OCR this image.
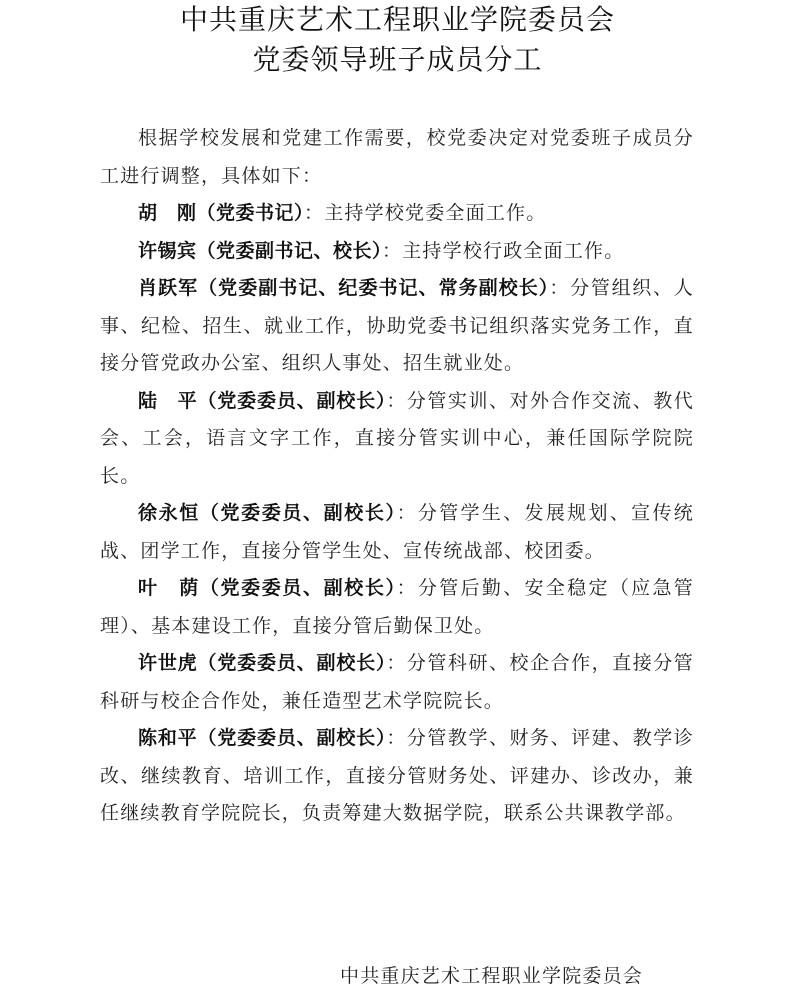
中共重庆艺术工程职业学院委员会
党委领导班子成员分工

根据学校发展和党建工作需要，校党委决定对党委班子成员分工进行调整，具体如下：

胡　刚（党委书记）：主持学校党委全面工作。

许锡宾（党委副书记、校长）：主持学校行政全面工作。

肖跃军（党委副书记、纪委书记、常务副校长）：分管组织、人事、纪检、招生、就业工作，协助党委书记组织落实党务工作，直接分管党政办公室、组织人事处、招生就业处。

陆　平（党委委员、副校长）：分管实训、对外合作交流、教代会、工会，语言文字工作，直接分管实训中心，兼任国际学院院长。

徐永恒（党委委员、副校长）：分管学生、发展规划、宣传统战、团学工作，直接分管学生处、宣传统战部、校团委。

叶　荫（党委委员、副校长）：分管后勤、安全稳定（应急管理）、基本建设工作，直接分管后勤保卫处。

许世虎（党委委员、副校长）：分管科研、校企合作，直接分管科研与校企合作处，兼任造型艺术学院院长。

陈和平（党委委员、副校长）：分管教学、财务、评建、教学诊改、继续教育、培训工作，直接分管财务处、评建办、诊改办，兼任继续教育学院院长，负责筹建大数据学院，联系公共课教学部。

中共重庆艺术工程职业学院委员会
